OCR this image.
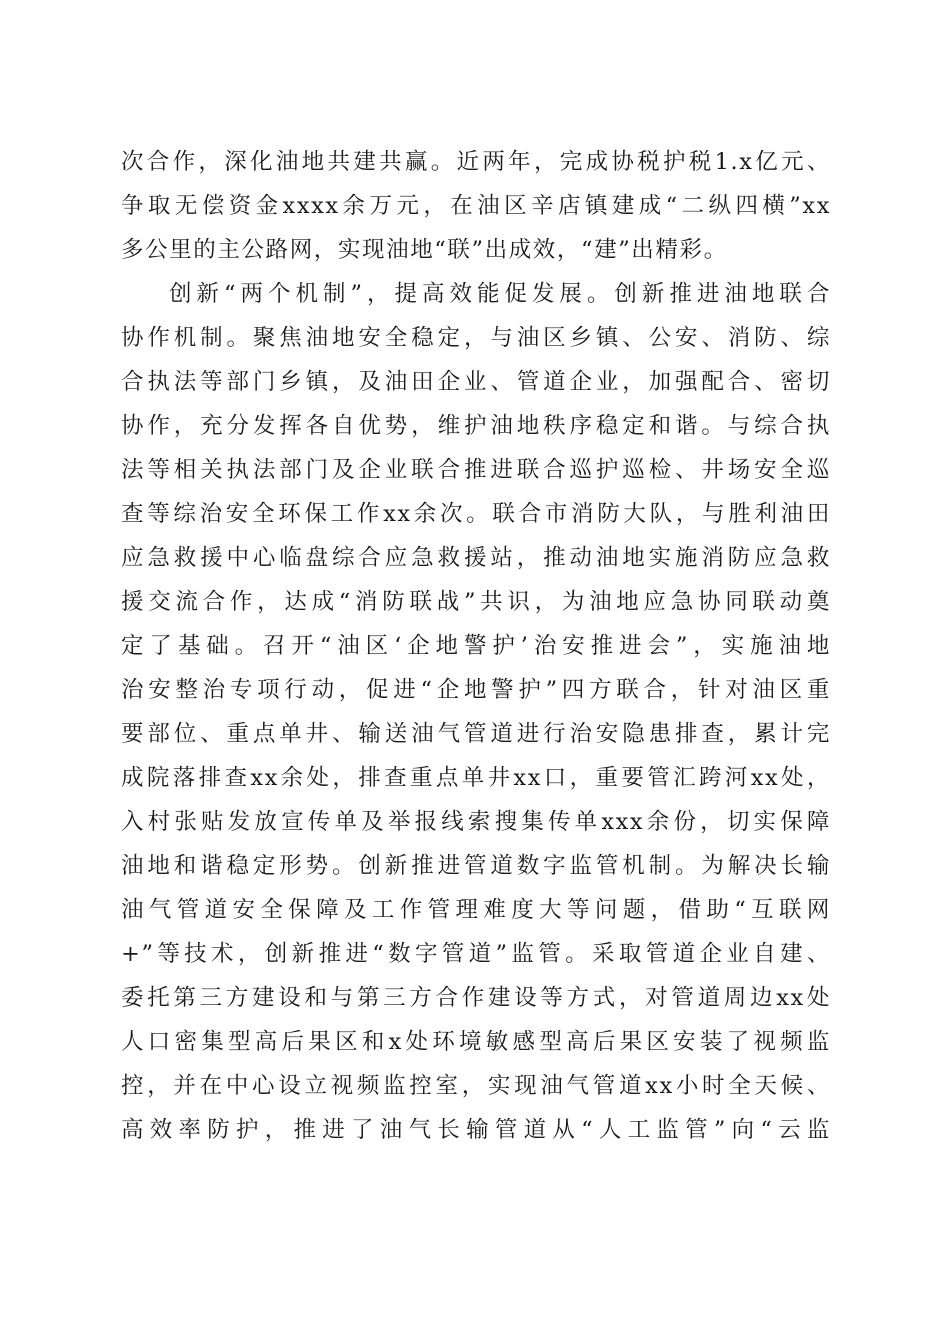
次合作，深化油地共建共赢。近两年，完成协税护税1.x亿元、
争取无偿资金xxxx余万元，在油区辛店镇建成“二纵四横”xx
多公里的主公路网，实现油地“联”出成效，“建”出精彩。
创新“两个机制”，提高效能促发展。创新推进油地联合
协作机制。聚焦油地安全稳定，与油区乡镇、公安、消防、综
合执法等部门乡镇，及油田企业、管道企业，加强配合、密切
协作，充分发挥各自优势，维护油地秩序稳定和谐。与综合执
法等相关执法部门及企业联合推进联合巡护巡检、井场安全巡
查等综治安全环保工作xx余次。联合市消防大队，与胜利油田
应急救援中心临盘综合应急救援站，推动油地实施消防应急救
援交流合作，达成“消防联战”共识，为油地应急协同联动奠
定了基础。召开“油区‘企地警护’治安推进会”，实施油地
治安整治专项行动，促进“企地警护”四方联合，针对油区重
要部位、重点单井、输送油气管道进行治安隐患排查，累计完
成院落排查xx余处，排查重点单井xx口，重要管汇跨河xx处，
入村张贴发放宣传单及举报线索搜集传单xxx余份，切实保障
油地和谐稳定形势。创新推进管道数字监管机制。为解决长输
油气管道安全保障及工作管理难度大等问题，借助“互联网
+”等技术，创新推进“数字管道”监管。采取管道企业自建、
委托第三方建设和与第三方合作建设等方式，对管道周边xx处
人口密集型高后果区和x处环境敏感型高后果区安装了视频监
控，并在中心设立视频监控室，实现油气管道xx小时全天候、
高效率防护，推进了油气长输管道从“人工监管”向“云监
